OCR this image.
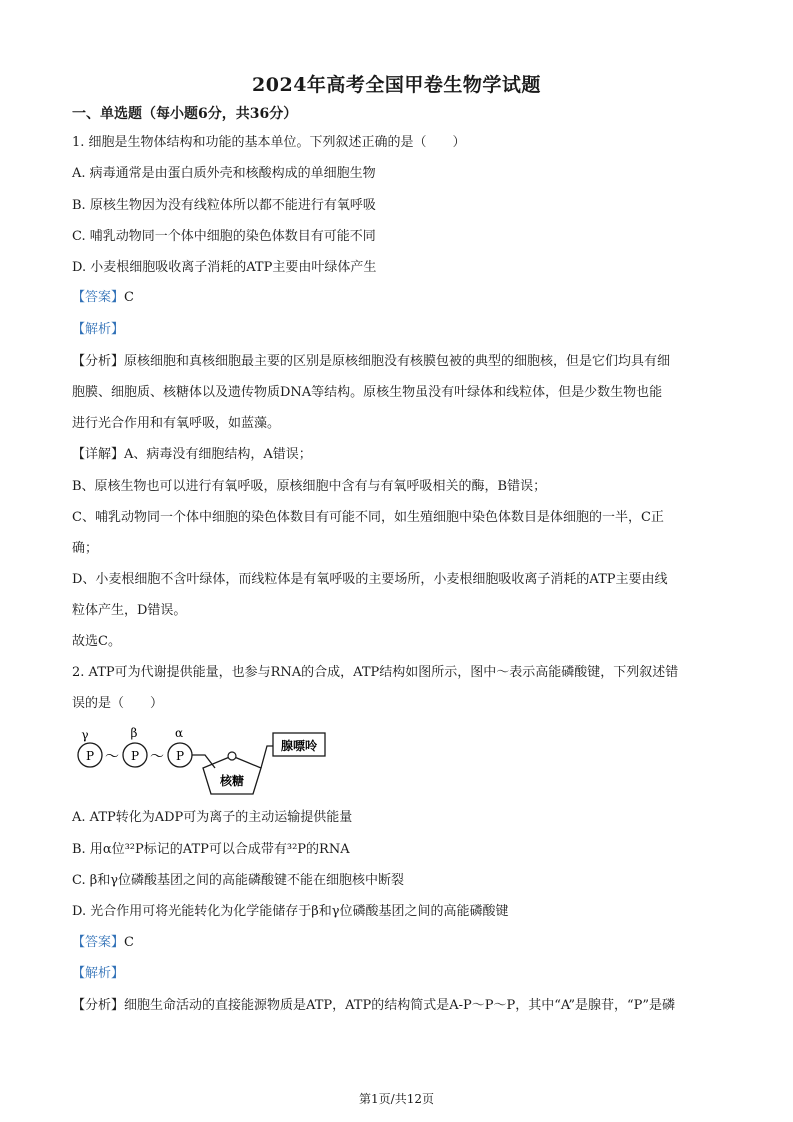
2024年高考全国甲卷生物学试题
一、单选题（每小题6分，共36分）
1. 细胞是生物体结构和功能的基本单位。下列叙述正确的是（　　）
A. 病毒通常是由蛋白质外壳和核酸构成的单细胞生物
B. 原核生物因为没有线粒体所以都不能进行有氧呼吸
C. 哺乳动物同一个体中细胞的染色体数目有可能不同
D. 小麦根细胞吸收离子消耗的ATP主要由叶绿体产生
【答案】C
【解析】
【分析】原核细胞和真核细胞最主要的区别是原核细胞没有核膜包被的典型的细胞核，但是它们均具有细
胞膜、细胞质、核糖体以及遗传物质DNA等结构。原核生物虽没有叶绿体和线粒体，但是少数生物也能
进行光合作用和有氧呼吸，如蓝藻。
【详解】A、病毒没有细胞结构，A错误；
B、原核生物也可以进行有氧呼吸，原核细胞中含有与有氧呼吸相关的酶，B错误；
C、哺乳动物同一个体中细胞的染色体数目有可能不同，如生殖细胞中染色体数目是体细胞的一半，C正
确；
D、小麦根细胞不含叶绿体，而线粒体是有氧呼吸的主要场所，小麦根细胞吸收离子消耗的ATP主要由线
粒体产生，D错误。
故选C。
2. ATP可为代谢提供能量，也参与RNA的合成，ATP结构如图所示，图中～表示高能磷酸键，下列叙述错
误的是（　　）
γ	β	α
P ～ P ～ P
核糖
腺嘌呤
A. ATP转化为ADP可为离子的主动运输提供能量
B. 用α位³²P标记的ATP可以合成带有³²P的RNA
C. β和γ位磷酸基团之间的高能磷酸键不能在细胞核中断裂
D. 光合作用可将光能转化为化学能储存于β和γ位磷酸基团之间的高能磷酸键
【答案】C
【解析】
【分析】细胞生命活动的直接能源物质是ATP，ATP的结构简式是A-P～P～P，其中“A”是腺苷，“P”是磷
第1页/共12页
